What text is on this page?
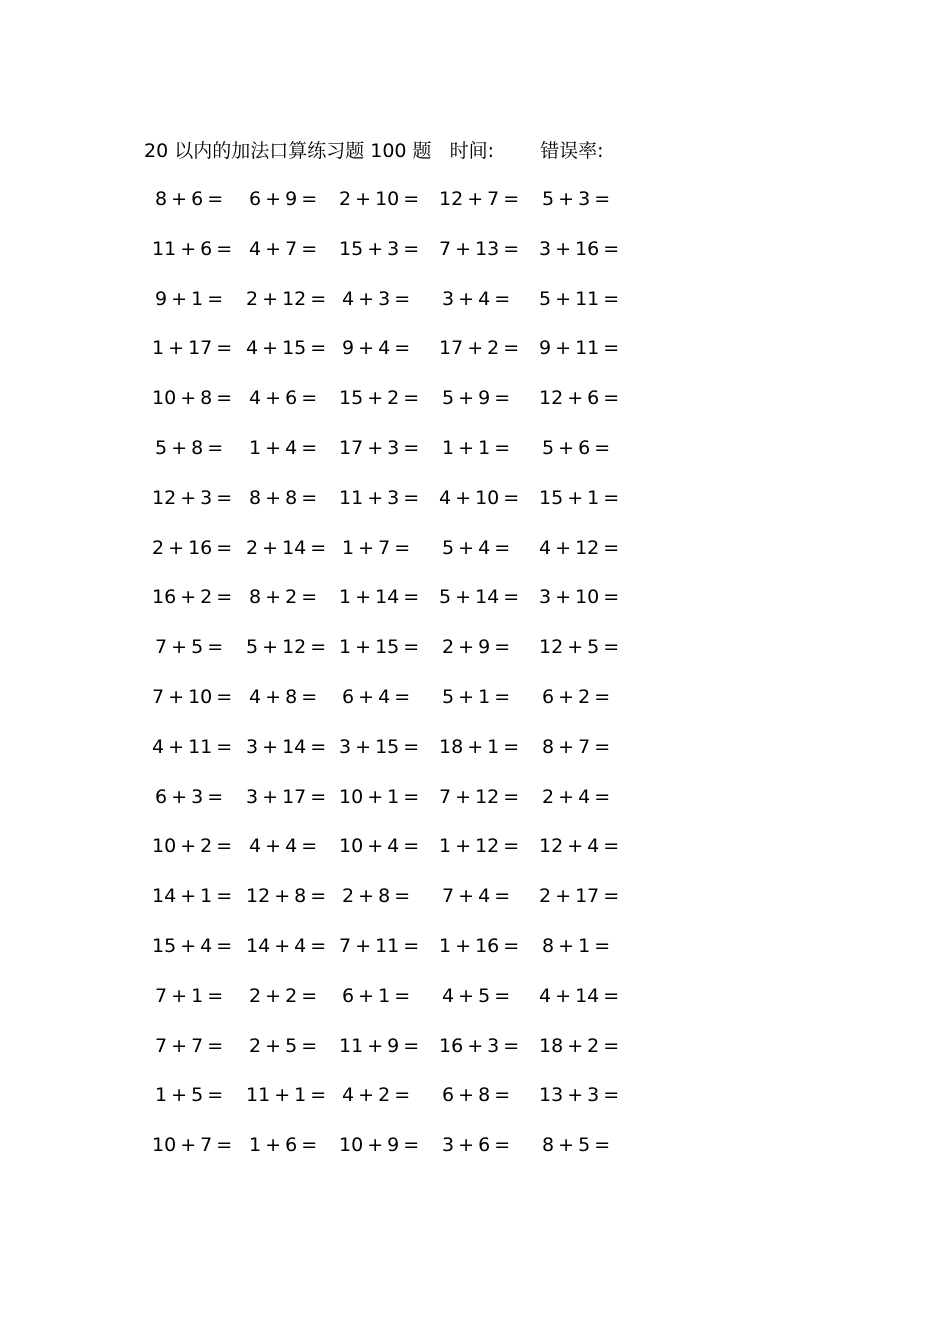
20 以内的加法口算练习题 100 题 时间: 错误率:
8 + 6 = 6 + 9 = 2 + 10 = 12 + 7 = 5 + 3 =
11 + 6 = 4 + 7 = 15 + 3 = 7 + 13 = 3 + 16 =
9 + 1 = 2 + 12 = 4 + 3 = 3 + 4 = 5 + 11 =
1 + 17 = 4 + 15 = 9 + 4 = 17 + 2 = 9 + 11 =
10 + 8 = 4 + 6 = 15 + 2 = 5 + 9 = 12 + 6 =
5 + 8 = 1 + 4 = 17 + 3 = 1 + 1 = 5 + 6 =
12 + 3 = 8 + 8 = 11 + 3 = 4 + 10 = 15 + 1 =
2 + 16 = 2 + 14 = 1 + 7 = 5 + 4 = 4 + 12 =
16 + 2 = 8 + 2 = 1 + 14 = 5 + 14 = 3 + 10 =
7 + 5 = 5 + 12 = 1 + 15 = 2 + 9 = 12 + 5 =
7 + 10 = 4 + 8 = 6 + 4 = 5 + 1 = 6 + 2 =
4 + 11 = 3 + 14 = 3 + 15 = 18 + 1 = 8 + 7 =
6 + 3 = 3 + 17 = 10 + 1 = 7 + 12 = 2 + 4 =
10 + 2 = 4 + 4 = 10 + 4 = 1 + 12 = 12 + 4 =
14 + 1 = 12 + 8 = 2 + 8 = 7 + 4 = 2 + 17 =
15 + 4 = 14 + 4 = 7 + 11 = 1 + 16 = 8 + 1 =
7 + 1 = 2 + 2 = 6 + 1 = 4 + 5 = 4 + 14 =
7 + 7 = 2 + 5 = 11 + 9 = 16 + 3 = 18 + 2 =
1 + 5 = 11 + 1 = 4 + 2 = 6 + 8 = 13 + 3 =
10 + 7 = 1 + 6 = 10 + 9 = 3 + 6 = 8 + 5 =
